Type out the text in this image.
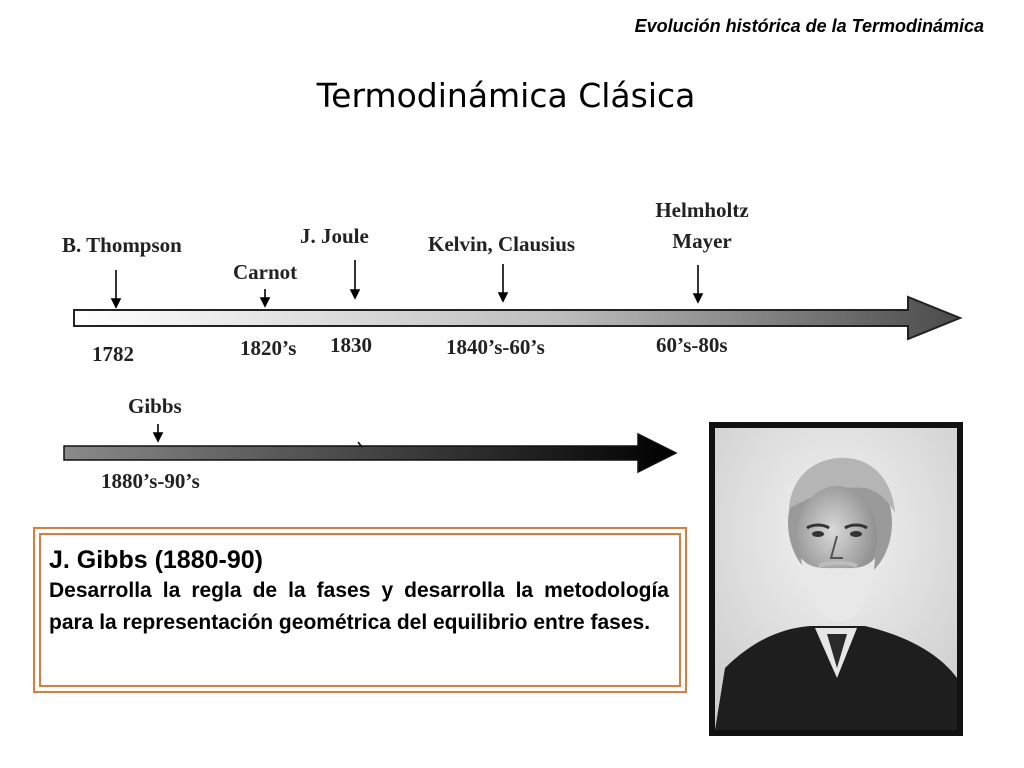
Evolución histórica de la Termodinámica
Termodinámica Clásica
B. Thompson
Carnot
J. Joule	Kelvin, Clausius
Helmholtz
Mayer
1782	1820’s 1830	1840’s-60’s	60’s-80s
Gibbs
1880’s-90’s
J. Gibbs (1880-90)
Desarrolla la regla de la fases y desarrolla la metodología para la representación geométrica del equilibrio entre fases.
